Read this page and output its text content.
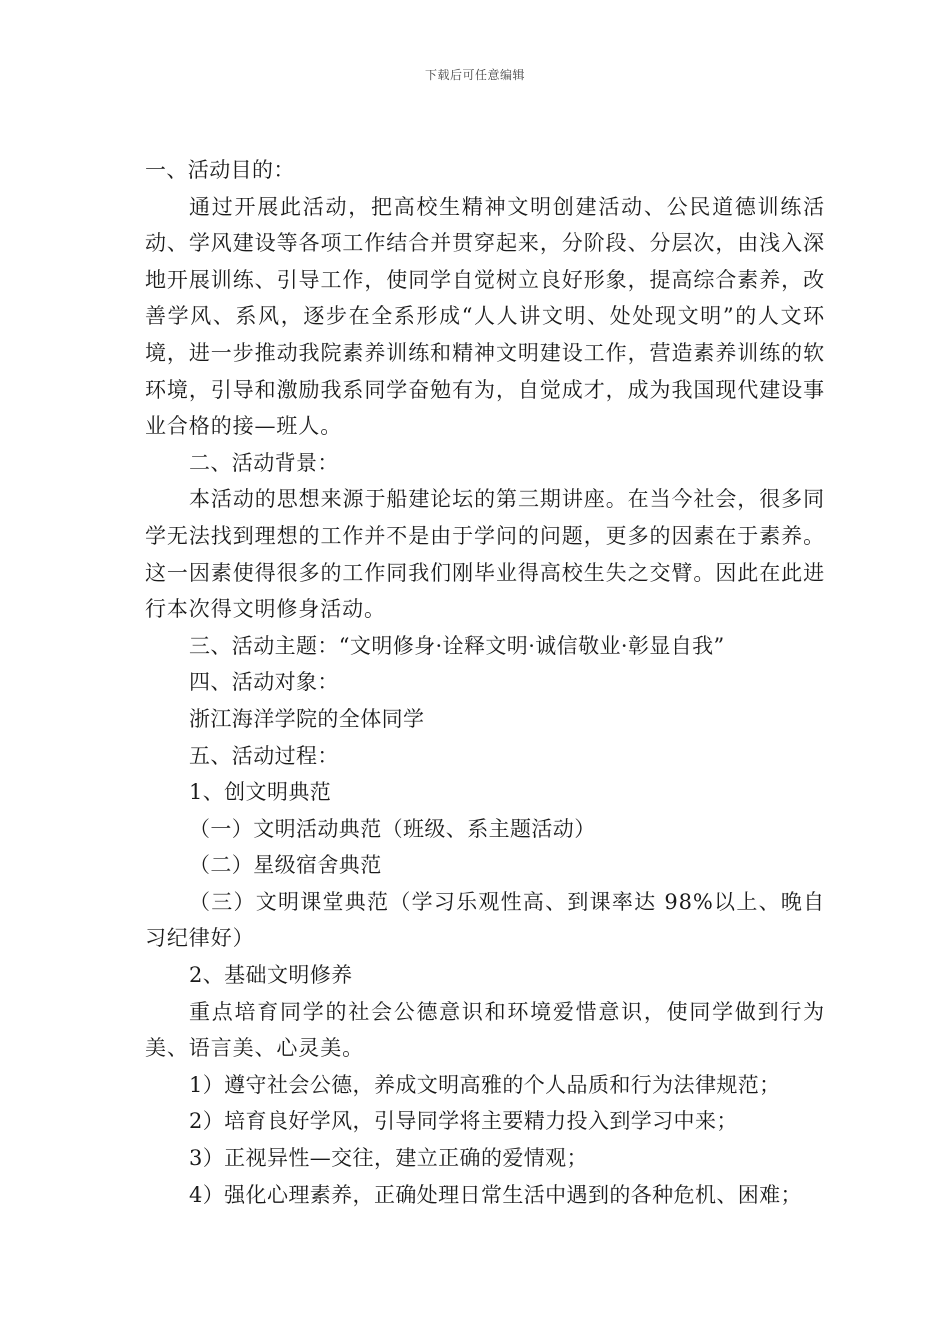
下载后可任意编辑

一、活动目的：

通过开展此活动，把高校生精神文明创建活动、公民道德训练活动、学风建设等各项工作结合并贯穿起来，分阶段、分层次，由浅入深地开展训练、引导工作，使同学自觉树立良好形象，提高综合素养，改善学风、系风，逐步在全系形成“人人讲文明、处处现文明”的人文环境，进一步推动我院素养训练和精神文明建设工作，营造素养训练的软环境，引导和激励我系同学奋勉有为，自觉成才，成为我国现代建设事业合格的接—班人。

二、活动背景：

本活动的思想来源于船建论坛的第三期讲座。在当今社会，很多同学无法找到理想的工作并不是由于学问的问题，更多的因素在于素养。这一因素使得很多的工作同我们刚毕业得高校生失之交臂。因此在此进行本次得文明修身活动。

三、活动主题：“文明修身·诠释文明·诚信敬业·彰显自我”

四、活动对象：

浙江海洋学院的全体同学

五、活动过程：

1、创文明典范

（一）文明活动典范（班级、系主题活动）

（二）星级宿舍典范

（三）文明课堂典范（学习乐观性高、到课率达 98%以上、晚自习纪律好）

2、基础文明修养

重点培育同学的社会公德意识和环境爱惜意识，使同学做到行为美、语言美、心灵美。

1）遵守社会公德，养成文明高雅的个人品质和行为法律规范；

2）培育良好学风，引导同学将主要精力投入到学习中来；

3）正视异性—交往，建立正确的爱情观；

4）强化心理素养，正确处理日常生活中遇到的各种危机、困难；
